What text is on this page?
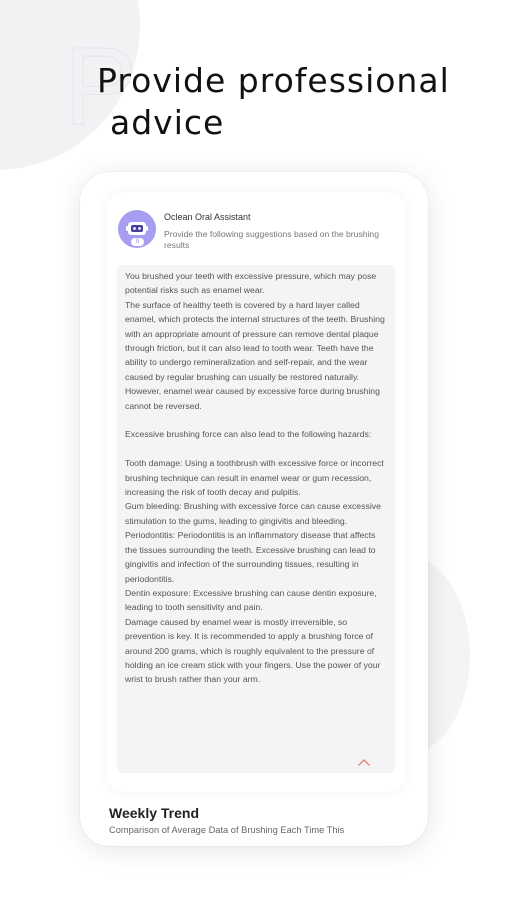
P
Provide professional
advice
0
Oclean Oral Assistant
Provide the following suggestions based on the brushing results

You brushed your teeth with excessive pressure, which may pose potential risks such as enamel wear.
The surface of healthy teeth is covered by a hard layer called enamel, which protects the internal structures of the teeth. Brushing with an appropriate amount of pressure can remove dental plaque through friction, but it can also lead to tooth wear. Teeth have the ability to undergo remineralization and self-repair, and the wear caused by regular brushing can usually be restored naturally. However, enamel wear caused by excessive force during brushing cannot be reversed.

Excessive brushing force can also lead to the following hazards:

Tooth damage: Using a toothbrush with excessive force or incorrect brushing technique can result in enamel wear or gum recession, increasing the risk of tooth decay and pulpitis.
Gum bleeding: Brushing with excessive force can cause excessive stimulation to the gums, leading to gingivitis and bleeding.
Periodontitis: Periodontitis is an inflammatory disease that affects the tissues surrounding the teeth. Excessive brushing can lead to gingivitis and infection of the surrounding tissues, resulting in periodontitis.
Dentin exposure: Excessive brushing can cause dentin exposure, leading to tooth sensitivity and pain.
Damage caused by enamel wear is mostly irreversible, so prevention is key. It is recommended to apply a brushing force of around 200 grams, which is roughly equivalent to the pressure of holding an ice cream stick with your fingers. Use the power of your wrist to brush rather than your arm.

Weekly Trend
Comparison of Average Data of Brushing Each Time This
